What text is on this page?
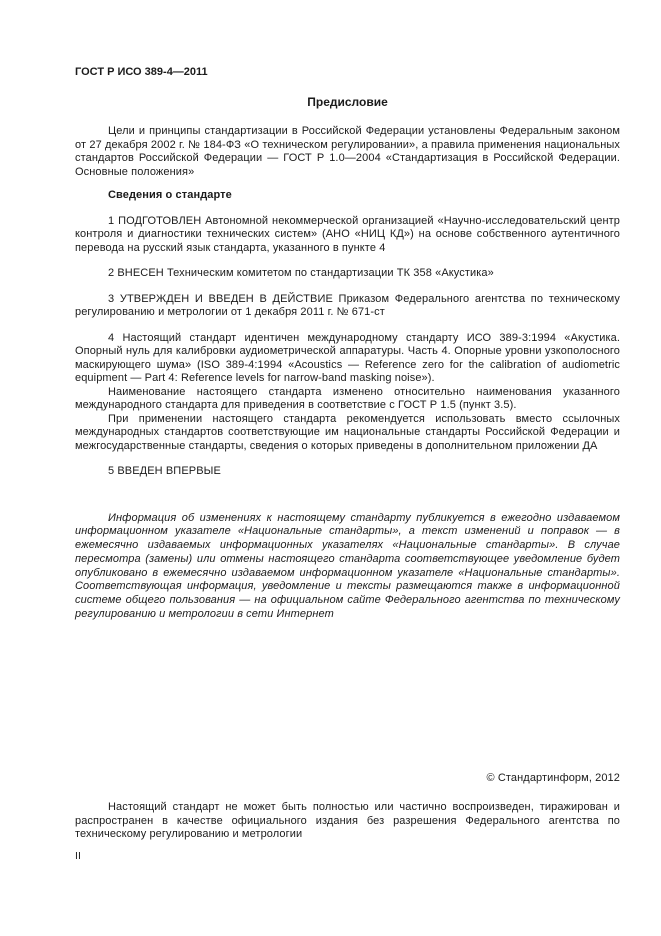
ГОСТ Р ИСО 389-4—2011
Предисловие

Цели и принципы стандартизации в Российской Федерации установлены Федеральным законом от 27 декабря 2002 г. № 184-ФЗ «О техническом регулировании», а правила применения национальных стандартов Российской Федерации — ГОСТ Р 1.0—2004 «Стандартизация в Российской Федерации. Основные положения»

Сведения о стандарте

1 ПОДГОТОВЛЕН Автономной некоммерческой организацией «Научно-исследовательский центр контроля и диагностики технических систем» (АНО «НИЦ КД») на основе собственного аутентичного перевода на русский язык стандарта, указанного в пункте 4

2 ВНЕСЕН Техническим комитетом по стандартизации ТК 358 «Акустика»

3 УТВЕРЖДЕН И ВВЕДЕН В ДЕЙСТВИЕ Приказом Федерального агентства по техническому регулированию и метрологии от 1 декабря 2011 г. № 671-ст

4 Настоящий стандарт идентичен международному стандарту ИСО 389-3:1994 «Акустика. Опорный нуль для калибровки аудиометрической аппаратуры. Часть 4. Опорные уровни узкополосного маскирующего шума» (ISO 389-4:1994 «Acoustics — Reference zero for the calibration of audiometric equipment — Part 4: Reference levels for narrow-band masking noise»).

Наименование настоящего стандарта изменено относительно наименования указанного международного стандарта для приведения в соответствие с ГОСТ Р 1.5 (пункт 3.5).

При применении настоящего стандарта рекомендуется использовать вместо ссылочных международных стандартов соответствующие им национальные стандарты Российской Федерации и межгосударственные стандарты, сведения о которых приведены в дополнительном приложении ДА

5 ВВЕДЕН ВПЕРВЫЕ

Информация об изменениях к настоящему стандарту публикуется в ежегодно издаваемом информационном указателе «Национальные стандарты», а текст изменений и поправок — в ежемесячно издаваемых информационных указателях «Национальные стандарты». В случае пересмотра (замены) или отмены настоящего стандарта соответствующее уведомление будет опубликовано в ежемесячно издаваемом информационном указателе «Национальные стандарты». Соответствующая информация, уведомление и тексты размещаются также в информационной системе общего пользования — на официальном сайте Федерального агентства по техническому регулированию и метрологии в сети Интернет

© Стандартинформ, 2012

Настоящий стандарт не может быть полностью или частично воспроизведен, тиражирован и распространен в качестве официального издания без разрешения Федерального агентства по техническому регулированию и метрологии

II
